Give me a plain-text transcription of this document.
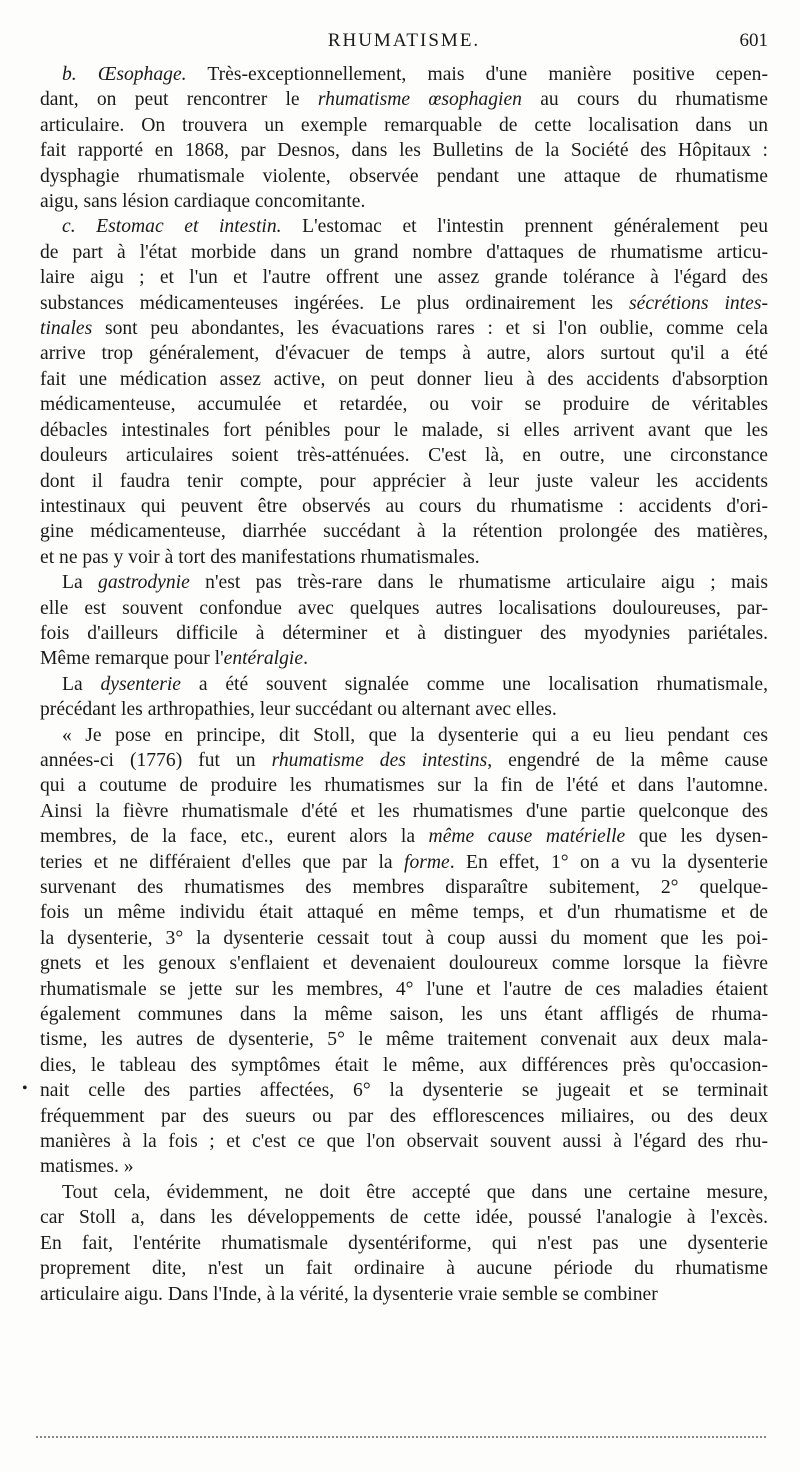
RHUMATISME.	601
b. Œsophage. Très-exceptionnellement, mais d'une manière positive cepen-
dant, on peut rencontrer le rhumatisme œsophagien au cours du rhumatisme
articulaire. On trouvera un exemple remarquable de cette localisation dans un
fait rapporté en 1868, par Desnos, dans les Bulletins de la Société des Hôpitaux :
dysphagie rhumatismale violente, observée pendant une attaque de rhumatisme
aigu, sans lésion cardiaque concomitante.
c. Estomac et intestin. L'estomac et l'intestin prennent généralement peu
de part à l'état morbide dans un grand nombre d'attaques de rhumatisme articu-
laire aigu ; et l'un et l'autre offrent une assez grande tolérance à l'égard des
substances médicamenteuses ingérées. Le plus ordinairement les sécrétions intes-
tinales sont peu abondantes, les évacuations rares : et si l'on oublie, comme cela
arrive trop généralement, d'évacuer de temps à autre, alors surtout qu'il a été
fait une médication assez active, on peut donner lieu à des accidents d'absorption
médicamenteuse, accumulée et retardée, ou voir se produire de véritables
débacles intestinales fort pénibles pour le malade, si elles arrivent avant que les
douleurs articulaires soient très-atténuées. C'est là, en outre, une circonstance
dont il faudra tenir compte, pour apprécier à leur juste valeur les accidents
intestinaux qui peuvent être observés au cours du rhumatisme : accidents d'ori-
gine médicamenteuse, diarrhée succédant à la rétention prolongée des matières,
et ne pas y voir à tort des manifestations rhumatismales.
La gastrodynie n'est pas très-rare dans le rhumatisme articulaire aigu ; mais
elle est souvent confondue avec quelques autres localisations douloureuses, par-
fois d'ailleurs difficile à déterminer et à distinguer des myodynies pariétales.
Même remarque pour l'entéralgie.
La dysenterie a été souvent signalée comme une localisation rhumatismale,
précédant les arthropathies, leur succédant ou alternant avec elles.
« Je pose en principe, dit Stoll, que la dysenterie qui a eu lieu pendant ces
années-ci (1776) fut un rhumatisme des intestins, engendré de la même cause
qui a coutume de produire les rhumatismes sur la fin de l'été et dans l'automne.
Ainsi la fièvre rhumatismale d'été et les rhumatismes d'une partie quelconque des
membres, de la face, etc., eurent alors la même cause matérielle que les dysen-
teries et ne différaient d'elles que par la forme. En effet, 1° on a vu la dysenterie
survenant des rhumatismes des membres disparaître subitement, 2° quelque-
fois un même individu était attaqué en même temps, et d'un rhumatisme et de
la dysenterie, 3° la dysenterie cessait tout à coup aussi du moment que les poi-
gnets et les genoux s'enflaient et devenaient douloureux comme lorsque la fièvre
rhumatismale se jette sur les membres, 4° l'une et l'autre de ces maladies étaient
également communes dans la même saison, les uns étant affligés de rhuma-
tisme, les autres de dysenterie, 5° le même traitement convenait aux deux mala-
dies, le tableau des symptômes était le même, aux différences près qu'occasion-
nait celle des parties affectées, 6° la dysenterie se jugeait et se terminait
fréquemment par des sueurs ou par des efflorescences miliaires, ou des deux
manières à la fois ; et c'est ce que l'on observait souvent aussi à l'égard des rhu-
matismes. »
Tout cela, évidemment, ne doit être accepté que dans une certaine mesure,
car Stoll a, dans les développements de cette idée, poussé l'analogie à l'excès.
En fait, l'entérite rhumatismale dysentériforme, qui n'est pas une dysenterie
proprement dite, n'est un fait ordinaire à aucune période du rhumatisme
articulaire aigu. Dans l'Inde, à la vérité, la dysenterie vraie semble se combiner
•
